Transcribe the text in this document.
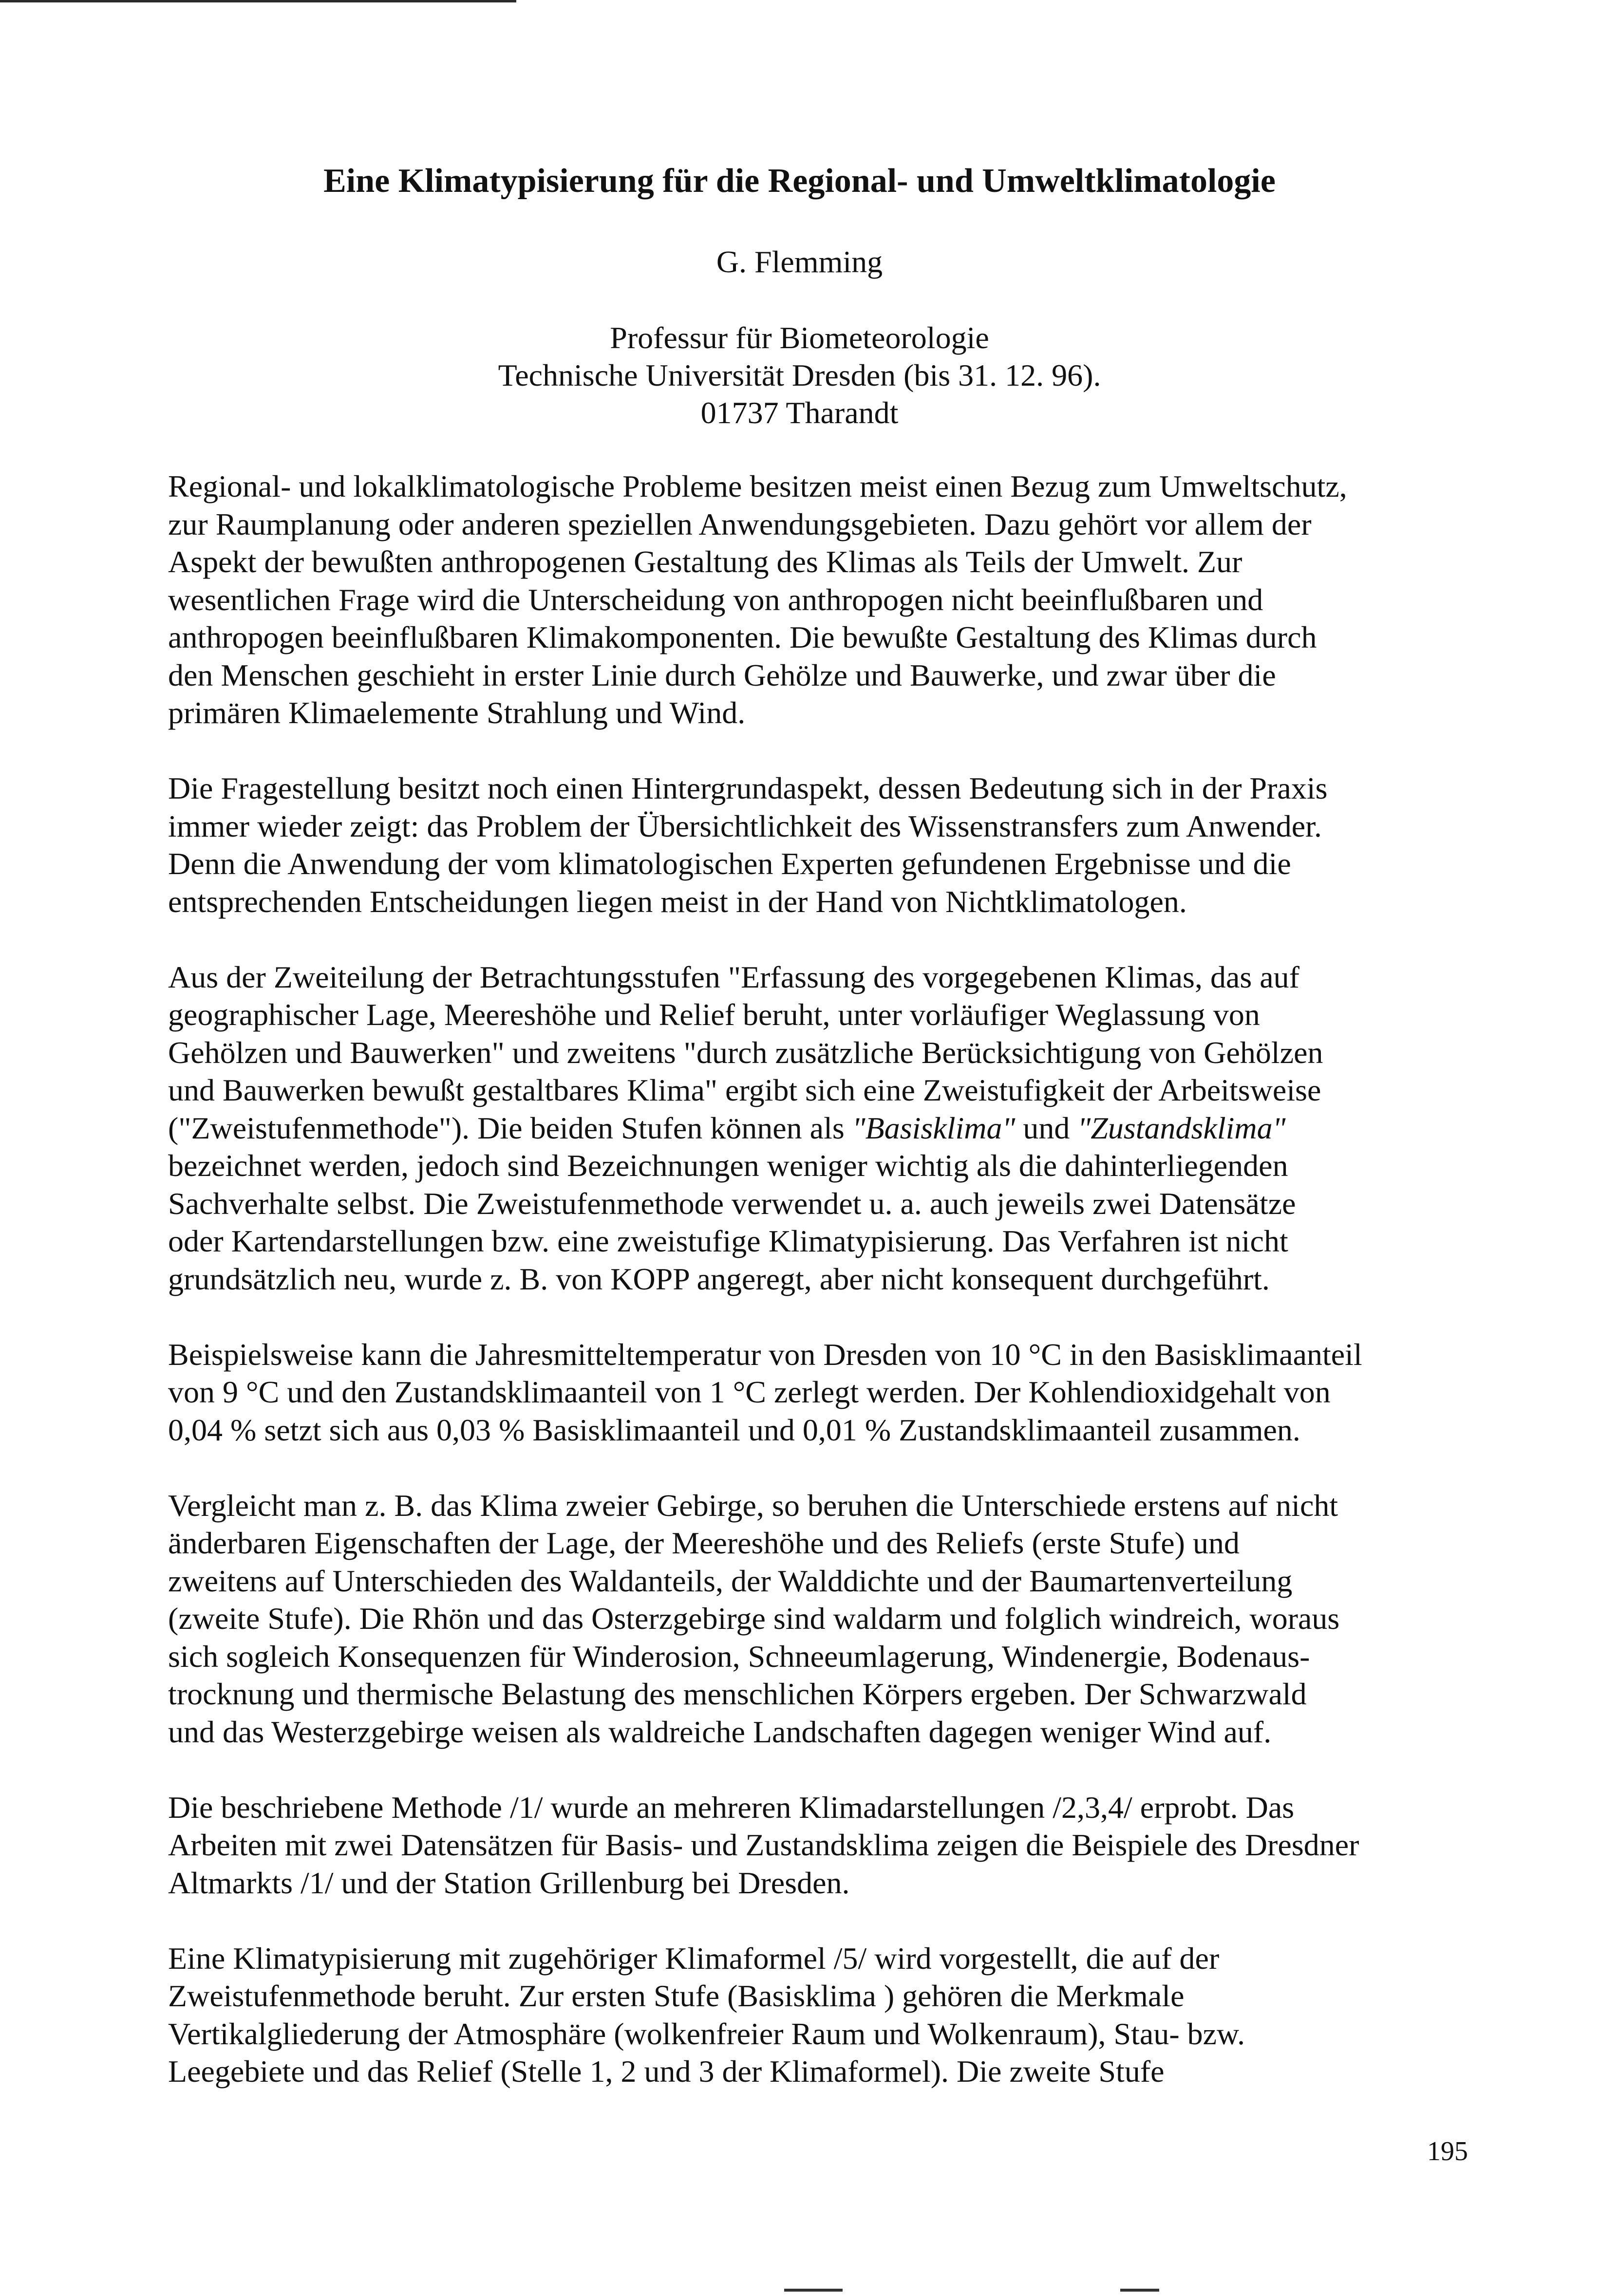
Eine Klimatypisierung für die Regional- und Umweltklimatologie
G. Flemming
Professur für Biometeorologie
Technische Universität Dresden (bis 31. 12. 96).
01737 Tharandt
Regional- und lokalklimatologische Probleme besitzen meist einen Bezug zum Umweltschutz,
zur Raumplanung oder anderen speziellen Anwendungsgebieten. Dazu gehört vor allem der
Aspekt der bewußten anthropogenen Gestaltung des Klimas als Teils der Umwelt. Zur
wesentlichen Frage wird die Unterscheidung von anthropogen nicht beeinflußbaren und
anthropogen beeinflußbaren Klimakomponenten. Die bewußte Gestaltung des Klimas durch
den Menschen geschieht in erster Linie durch Gehölze und Bauwerke, und zwar über die
primären Klimaelemente Strahlung und Wind.
Die Fragestellung besitzt noch einen Hintergrundaspekt, dessen Bedeutung sich in der Praxis
immer wieder zeigt: das Problem der Übersichtlichkeit des Wissenstransfers zum Anwender.
Denn die Anwendung der vom klimatologischen Experten gefundenen Ergebnisse und die
entsprechenden Entscheidungen liegen meist in der Hand von Nichtklimatologen.
Aus der Zweiteilung der Betrachtungsstufen "Erfassung des vorgegebenen Klimas, das auf
geographischer Lage, Meereshöhe und Relief beruht, unter vorläufiger Weglassung von
Gehölzen und Bauwerken" und zweitens "durch zusätzliche Berücksichtigung von Gehölzen
und Bauwerken bewußt gestaltbares Klima" ergibt sich eine Zweistufigkeit der Arbeitsweise
("Zweistufenmethode"). Die beiden Stufen können als "Basisklima" und "Zustandsklima"
bezeichnet werden, jedoch sind Bezeichnungen weniger wichtig als die dahinterliegenden
Sachverhalte selbst. Die Zweistufenmethode verwendet u. a. auch jeweils zwei Datensätze
oder Kartendarstellungen bzw. eine zweistufige Klimatypisierung. Das Verfahren ist nicht
grundsätzlich neu, wurde z. B. von KOPP angeregt, aber nicht konsequent durchgeführt.
Beispielsweise kann die Jahresmitteltemperatur von Dresden von 10 °C in den Basisklimaanteil
von 9 °C und den Zustandsklimaanteil von 1 °C zerlegt werden. Der Kohlendioxidgehalt von
0,04 % setzt sich aus 0,03 % Basisklimaanteil und 0,01 % Zustandsklimaanteil zusammen.
Vergleicht man z. B. das Klima zweier Gebirge, so beruhen die Unterschiede erstens auf nicht
änderbaren Eigenschaften der Lage, der Meereshöhe und des Reliefs (erste Stufe) und
zweitens auf Unterschieden des Waldanteils, der Walddichte und der Baumartenverteilung
(zweite Stufe). Die Rhön und das Osterzgebirge sind waldarm und folglich windreich, woraus
sich sogleich Konsequenzen für Winderosion, Schneeumlagerung, Windenergie, Bodenaus-
trocknung und thermische Belastung des menschlichen Körpers ergeben. Der Schwarzwald
und das Westerzgebirge weisen als waldreiche Landschaften dagegen weniger Wind auf.
Die beschriebene Methode /1/ wurde an mehreren Klimadarstellungen /2,3,4/ erprobt. Das
Arbeiten mit zwei Datensätzen für Basis- und Zustandsklima zeigen die Beispiele des Dresdner
Altmarkts /1/ und der Station Grillenburg bei Dresden.
Eine Klimatypisierung mit zugehöriger Klimaformel /5/ wird vorgestellt, die auf der
Zweistufenmethode beruht. Zur ersten Stufe (Basisklima ) gehören die Merkmale
Vertikalgliederung der Atmosphäre (wolkenfreier Raum und Wolkenraum), Stau- bzw.
Leegebiete und das Relief (Stelle 1, 2 und 3 der Klimaformel). Die zweite Stufe
195
